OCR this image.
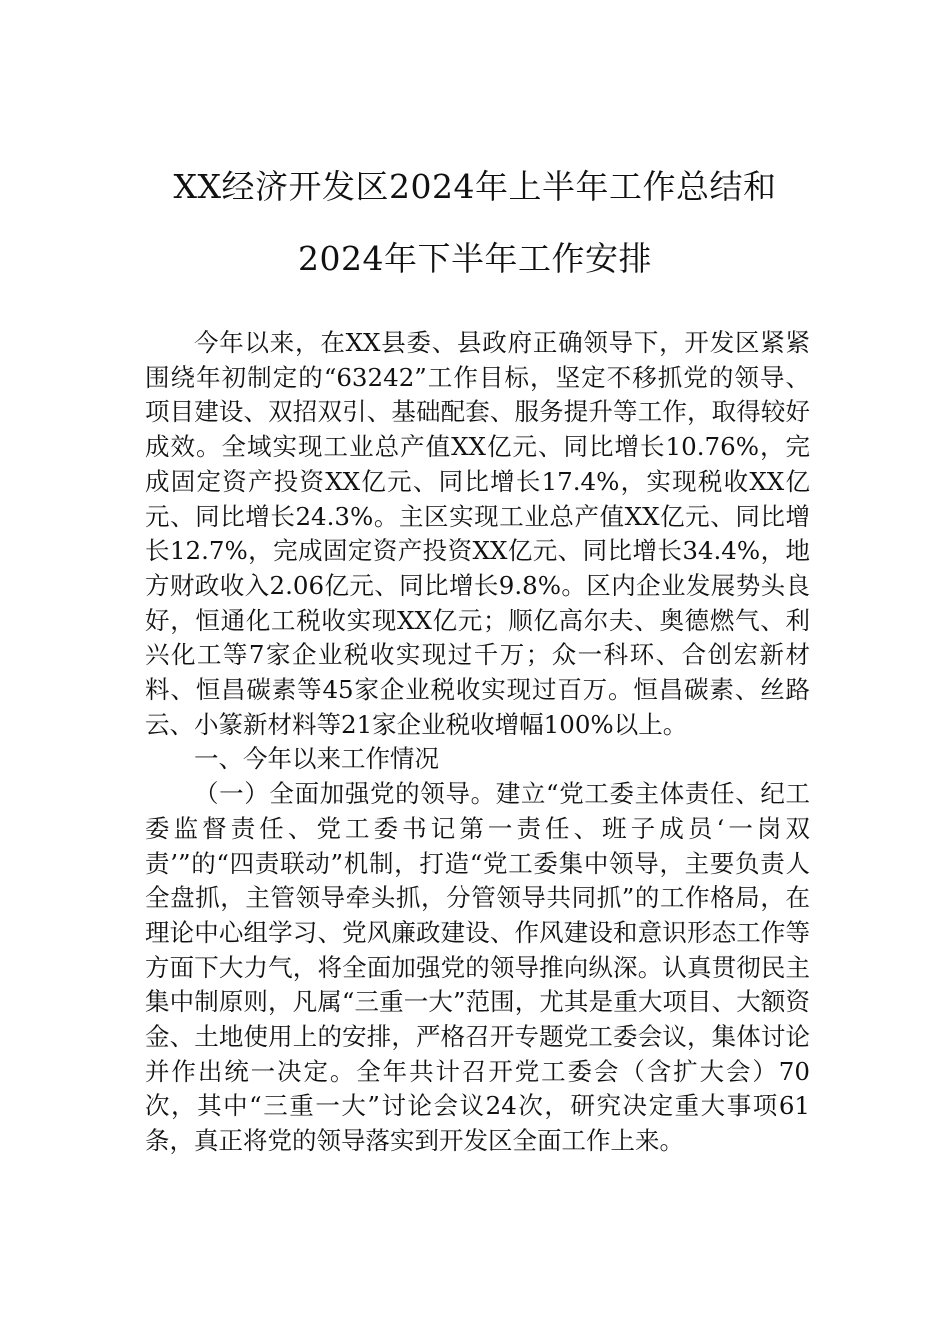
XX经济开发区2024年上半年工作总结和
2024年下半年工作安排

今年以来，在XX县委、县政府正确领导下，开发区紧紧围绕年初制定的“63242”工作目标，坚定不移抓党的领导、项目建设、双招双引、基础配套、服务提升等工作，取得较好成效。全域实现工业总产值XX亿元、同比增长10.76%，完成固定资产投资XX亿元、同比增长17.4%，实现税收XX亿元、同比增长24.3%。主区实现工业总产值XX亿元、同比增长12.7%，完成固定资产投资XX亿元、同比增长34.4%，地方财政收入2.06亿元、同比增长9.8%。区内企业发展势头良好，恒通化工税收实现XX亿元；顺亿高尔夫、奥德燃气、利兴化工等7家企业税收实现过千万；众一科环、合创宏新材料、恒昌碳素等45家企业税收实现过百万。恒昌碳素、丝路云、小篆新材料等21家企业税收增幅100%以上。

一、今年以来工作情况

（一）全面加强党的领导。建立“党工委主体责任、纪工委监督责任、党工委书记第一责任、班子成员‘一岗双责’”的“四责联动”机制，打造“党工委集中领导，主要负责人全盘抓，主管领导牵头抓，分管领导共同抓”的工作格局，在理论中心组学习、党风廉政建设、作风建设和意识形态工作等方面下大力气，将全面加强党的领导推向纵深。认真贯彻民主集中制原则，凡属“三重一大”范围，尤其是重大项目、大额资金、土地使用上的安排，严格召开专题党工委会议，集体讨论并作出统一决定。全年共计召开党工委会（含扩大会）70次，其中“三重一大”讨论会议24次，研究决定重大事项61条，真正将党的领导落实到开发区全面工作上来。
